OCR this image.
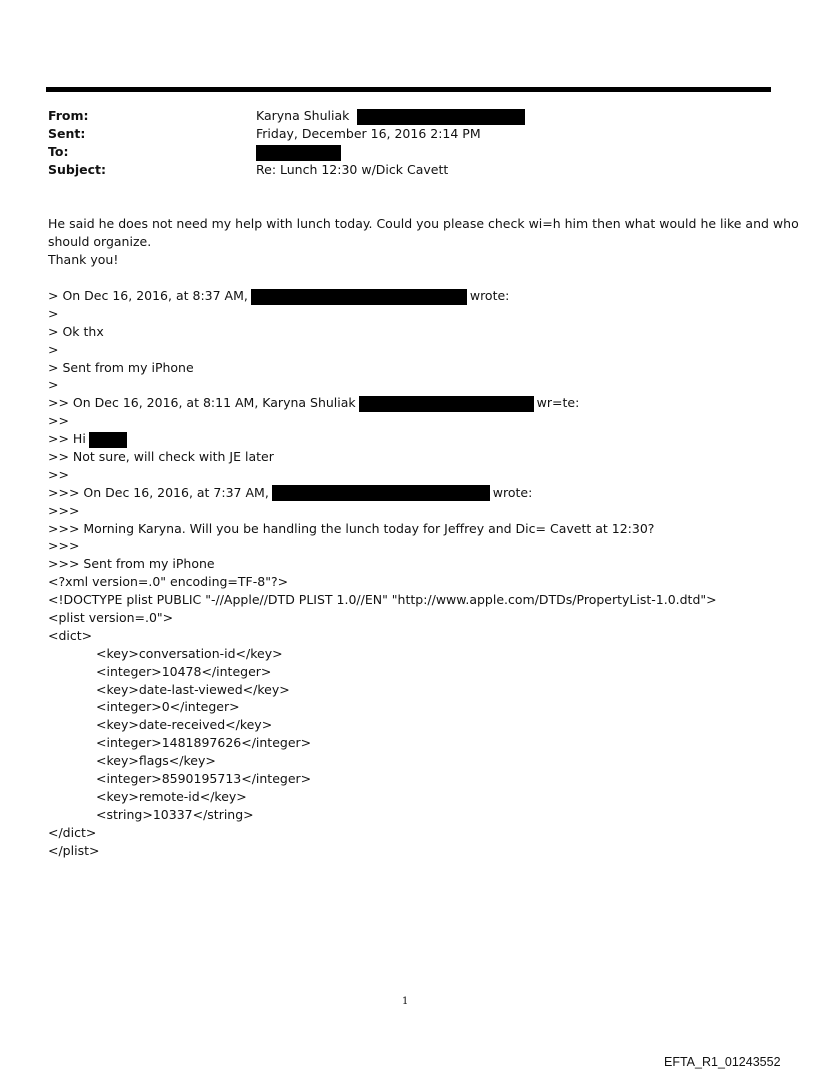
From:	Karyna Shuliak
Sent:	Friday, December 16, 2016 2:14 PM
To:
Subject:	Re: Lunch 12:30 w/Dick Cavett
He said he does not need my help with lunch today. Could you please check wi=h him then what would he like and who
should organize.
Thank you!
> On Dec 16, 2016, at 8:37 AM,	wrote:
>
> Ok thx
>
> Sent from my iPhone
>
>> On Dec 16, 2016, at 8:11 AM, Karyna Shuliak	wr=te:
>>
>> Hi
>> Not sure, will check with JE later
>>
>>> On Dec 16, 2016, at 7:37 AM,	wrote:
>>>
>>> Morning Karyna. Will you be handling the lunch today for Jeffrey and Dic= Cavett at 12:30?
>>>
>>> Sent from my iPhone
<?xml version=.0" encoding=TF-8"?>
<!DOCTYPE plist PUBLIC "-//Apple//DTD PLIST 1.0//EN" "http://www.apple.com/DTDs/PropertyList-1.0.dtd">
<plist version=.0">
<dict>
<key>conversation-id</key>
<integer>10478</integer>
<key>date-last-viewed</key>
<integer>0</integer>
<key>date-received</key>
<integer>1481897626</integer>
<key>flags</key>
<integer>8590195713</integer>
<key>remote-id</key>
<string>10337</string>
</dict>
</plist>
1
EFTA_R1_01243552
